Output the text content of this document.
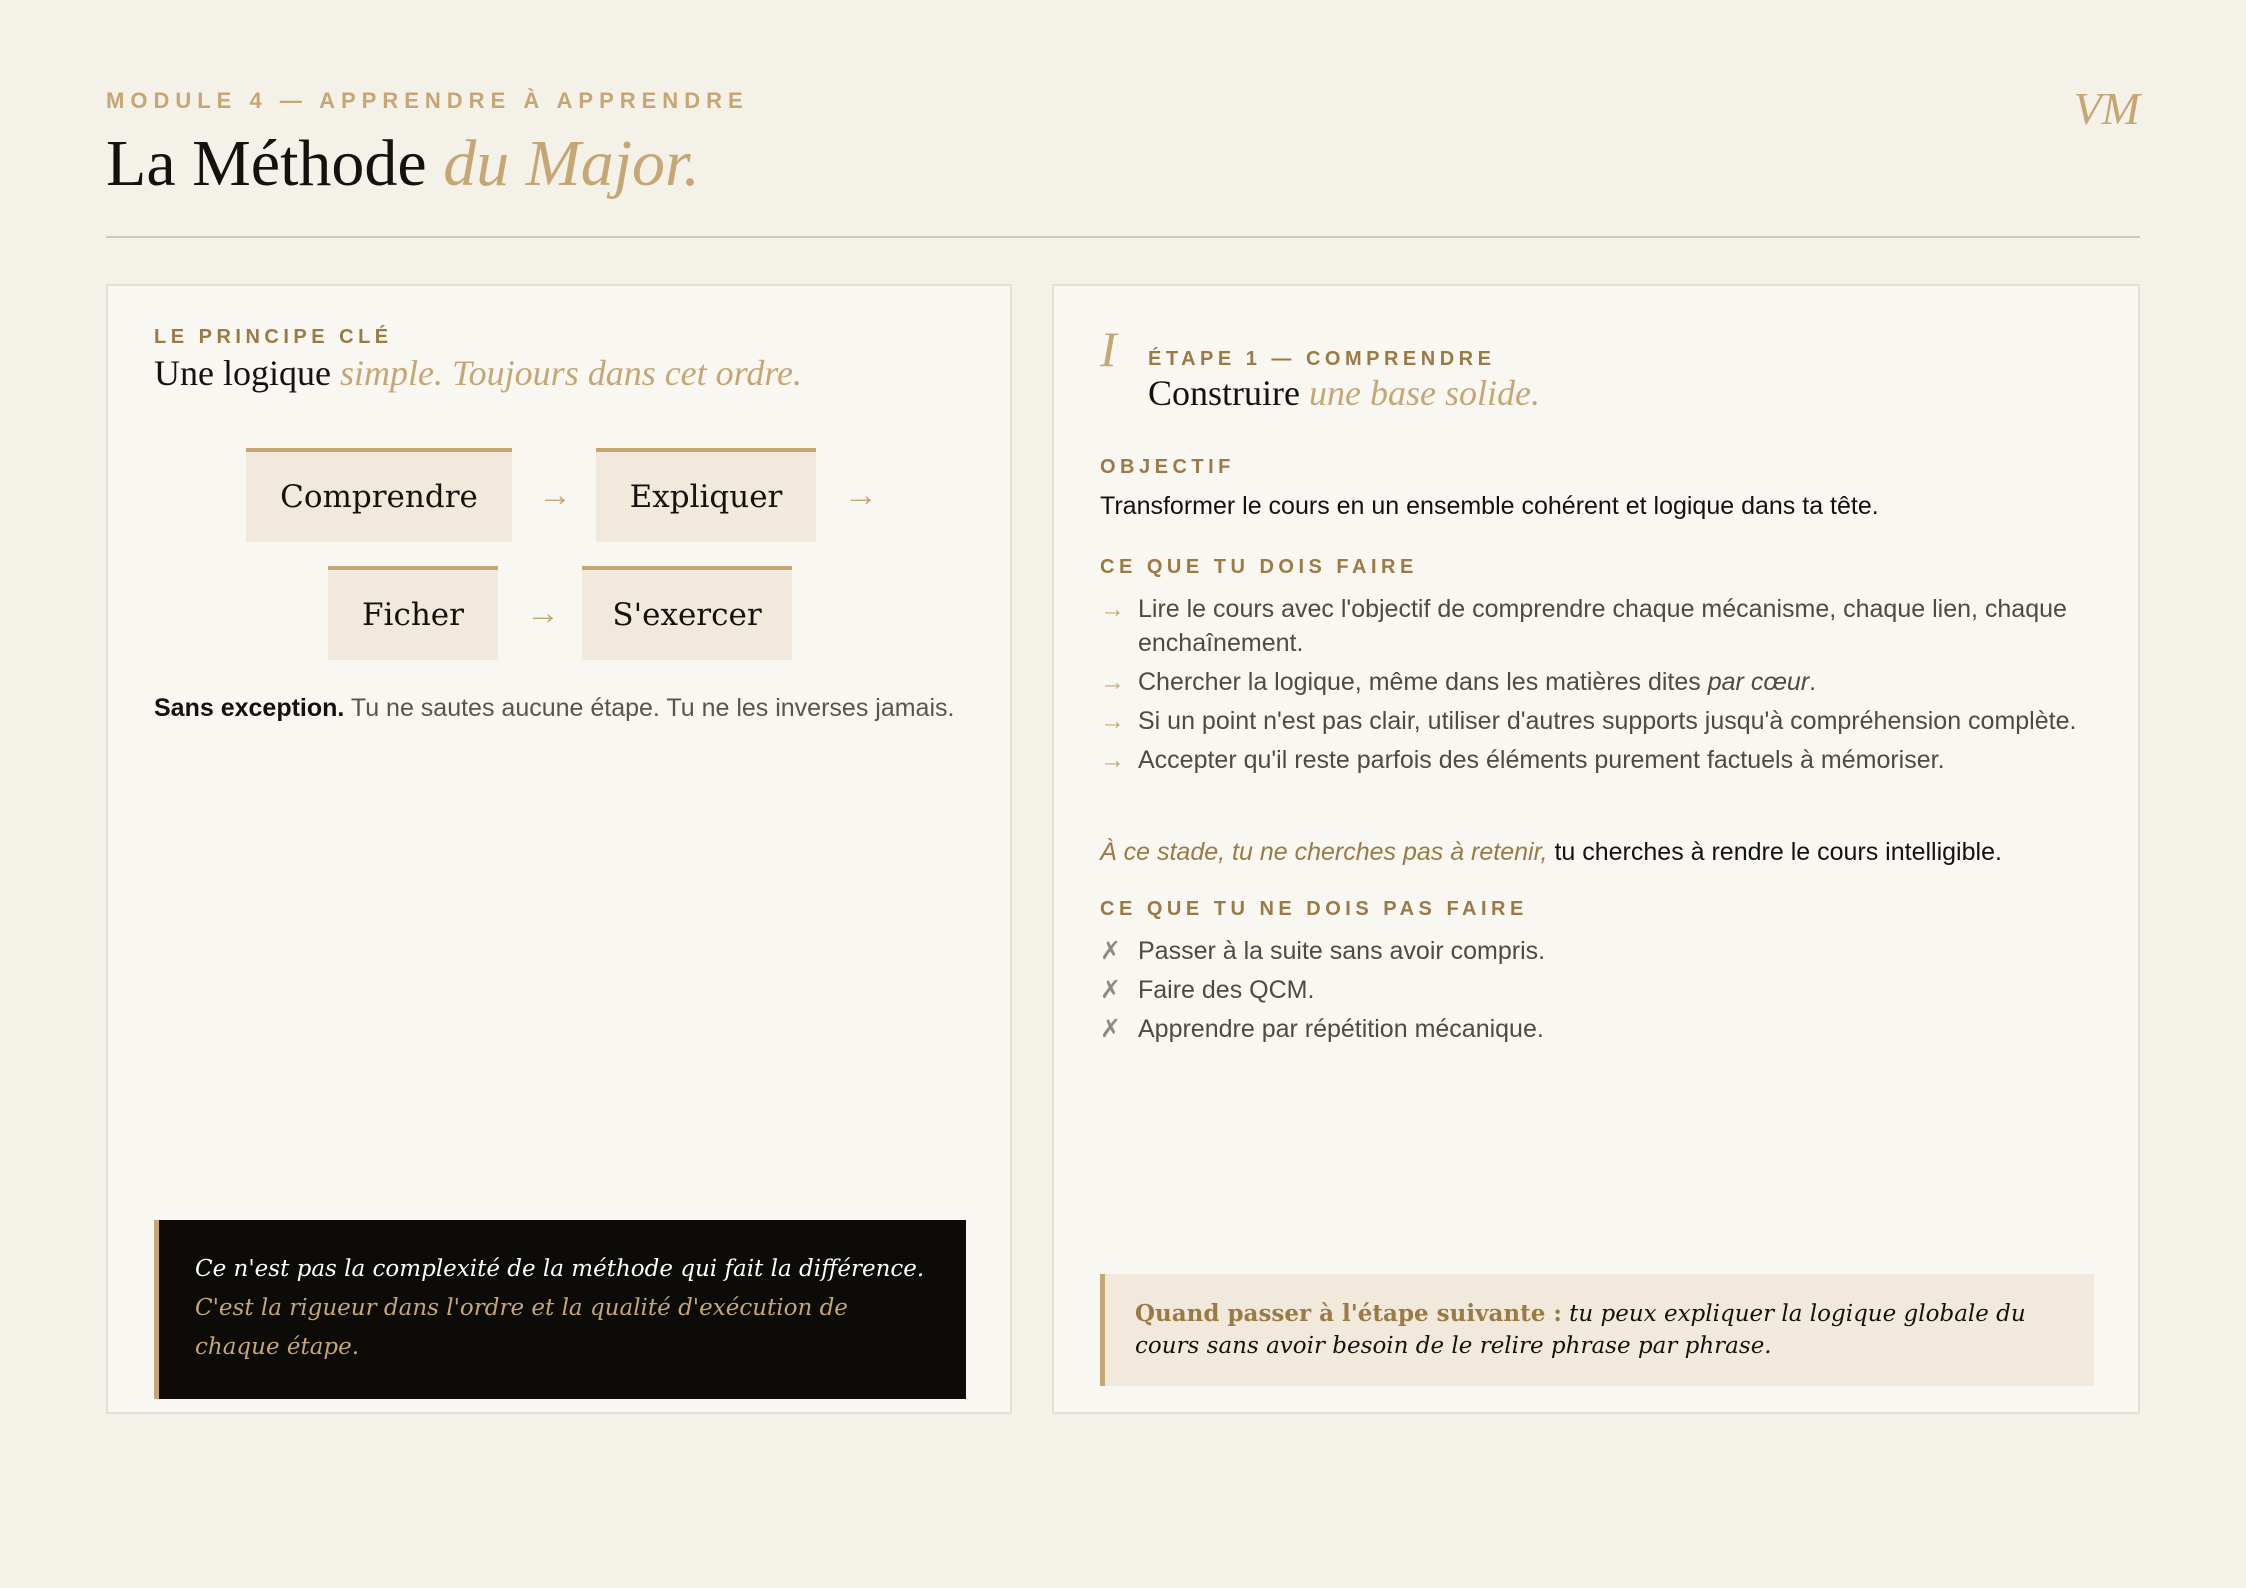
MODULE 4 — APPRENDRE À APPRENDRE
La Méthode du Major.
VM
LE PRINCIPE CLÉ
Une logique simple. Toujours dans cet ordre.
Comprendre	→	Expliquer	→
Ficher	→	S'exercer
Sans exception. Tu ne sautes aucune étape. Tu ne les inverses jamais.
Ce n'est pas la complexité de la méthode qui fait la différence.
C'est la rigueur dans l'ordre et la qualité d'exécution de chaque étape.
I ÉTAPE 1 — COMPRENDRE
Construire une base solide.
OBJECTIF
Transformer le cours en un ensemble cohérent et logique dans ta tête.
CE QUE TU DOIS FAIRE
→ Lire le cours avec l'objectif de comprendre chaque mécanisme, chaque lien, chaque enchaînement.
→ Chercher la logique, même dans les matières dites par cœur.
→ Si un point n'est pas clair, utiliser d'autres supports jusqu'à compréhension complète.
→ Accepter qu'il reste parfois des éléments purement factuels à mémoriser.
À ce stade, tu ne cherches pas à retenir, tu cherches à rendre le cours intelligible.
CE QUE TU NE DOIS PAS FAIRE
✗ Passer à la suite sans avoir compris.
✗ Faire des QCM.
✗ Apprendre par répétition mécanique.
Quand passer à l'étape suivante : tu peux expliquer la logique globale du cours sans avoir besoin de le relire phrase par phrase.
